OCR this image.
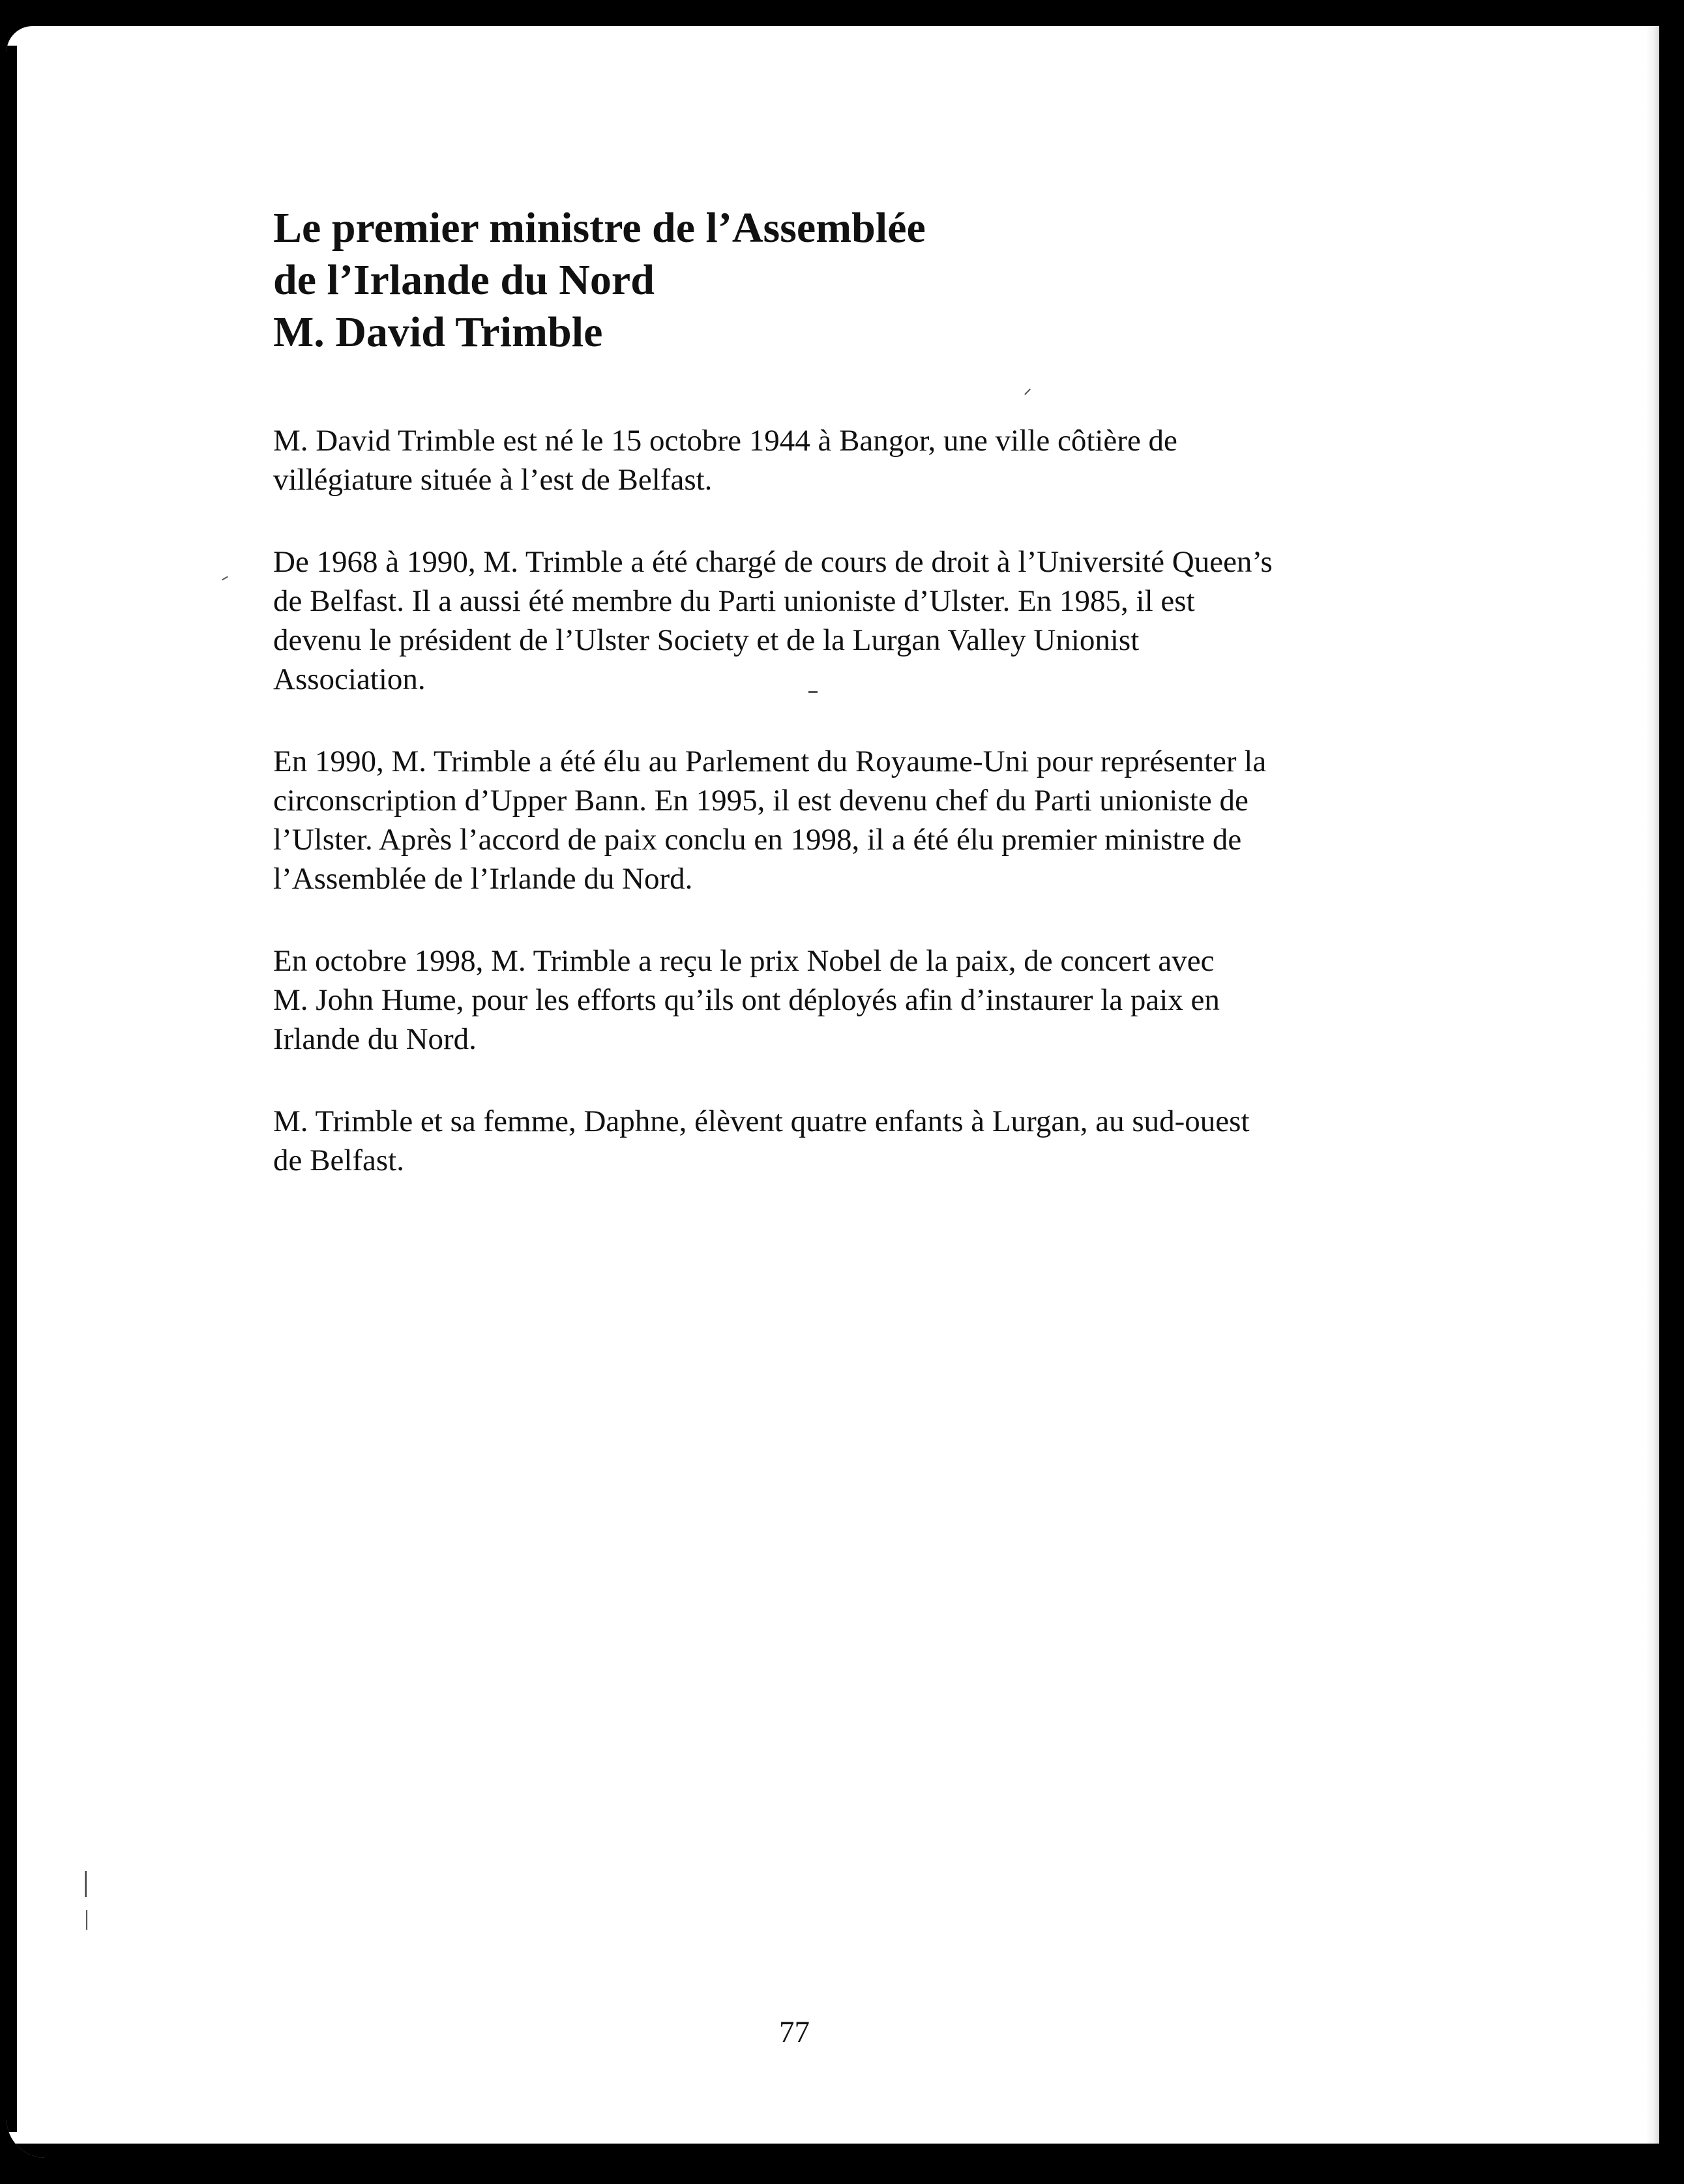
Le premier ministre de l’Assemblée
de l’Irlande du Nord
M. David Trimble

M. David Trimble est né le 15 octobre 1944 à Bangor, une ville côtière de
villégiature située à l’est de Belfast.

De 1968 à 1990, M. Trimble a été chargé de cours de droit à l’Université Queen’s
de Belfast. Il a aussi été membre du Parti unioniste d’Ulster. En 1985, il est
devenu le président de l’Ulster Society et de la Lurgan Valley Unionist
Association.

En 1990, M. Trimble a été élu au Parlement du Royaume-Uni pour représenter la
circonscription d’Upper Bann. En 1995, il est devenu chef du Parti unioniste de
l’Ulster. Après l’accord de paix conclu en 1998, il a été élu premier ministre de
l’Assemblée de l’Irlande du Nord.

En octobre 1998, M. Trimble a reçu le prix Nobel de la paix, de concert avec
M. John Hume, pour les efforts qu’ils ont déployés afin d’instaurer la paix en
Irlande du Nord.

M. Trimble et sa femme, Daphne, élèvent quatre enfants à Lurgan, au sud-ouest
de Belfast.

77
